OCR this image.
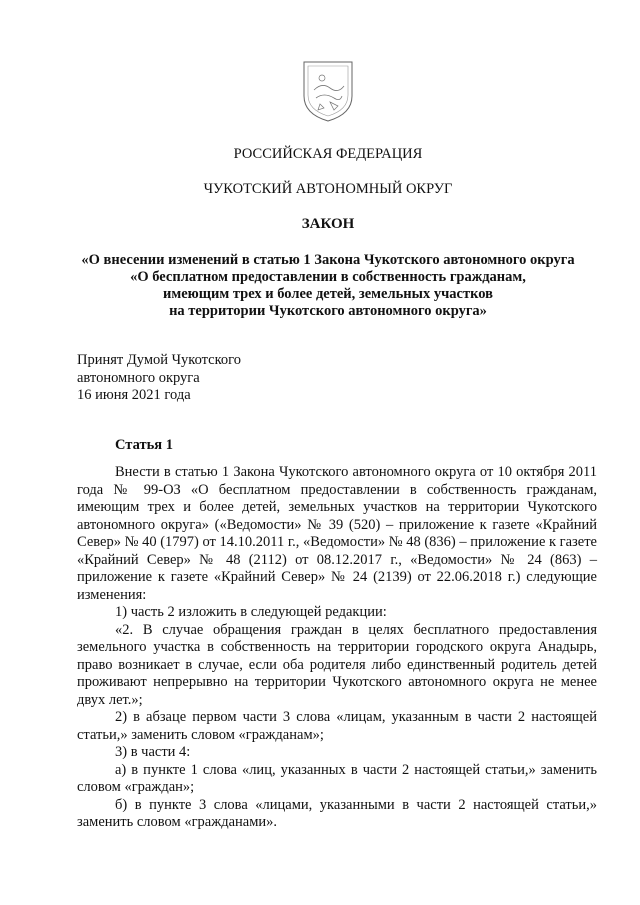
РОССИЙСКАЯ ФЕДЕРАЦИЯ
ЧУКОТСКИЙ АВТОНОМНЫЙ ОКРУГ
ЗАКОН
«О внесении изменений в статью 1 Закона Чукотского автономного округа
«О бесплатном предоставлении в собственность гражданам,
имеющим трех и более детей, земельных участков
на территории Чукотского автономного округа»
Принят Думой Чукотского
автономного округа
16 июня 2021 года
Статья 1

Внести в статью 1 Закона Чукотского автономного округа от 10 октября 2011 года № 99-ОЗ «О бесплатном предоставлении в собственность гражданам, имеющим трех и более детей, земельных участков на территории Чукотского автономного округа» («Ведомости» № 39 (520) – приложение к газете «Крайний Север» № 40 (1797) от 14.10.2011 г., «Ведомости» № 48 (836) – приложение к газете «Крайний Север» № 48 (2112) от 08.12.2017 г., «Ведомости» № 24 (863) – приложение к газете «Крайний Север» № 24 (2139) от 22.06.2018 г.) следующие изменения:

1) часть 2 изложить в следующей редакции:

«2. В случае обращения граждан в целях бесплатного предоставления земельного участка в собственность на территории городского округа Анадырь, право возникает в случае, если оба родителя либо единственный родитель детей проживают непрерывно на территории Чукотского автономного округа не менее двух лет.»;

2) в абзаце первом части 3 слова «лицам, указанным в части 2 настоящей статьи,» заменить словом «гражданам»;

3) в части 4:

а) в пункте 1 слова «лиц, указанных в части 2 настоящей статьи,» заменить словом «граждан»;

б) в пункте 3 слова «лицами, указанными в части 2 настоящей статьи,» заменить словом «гражданами».
